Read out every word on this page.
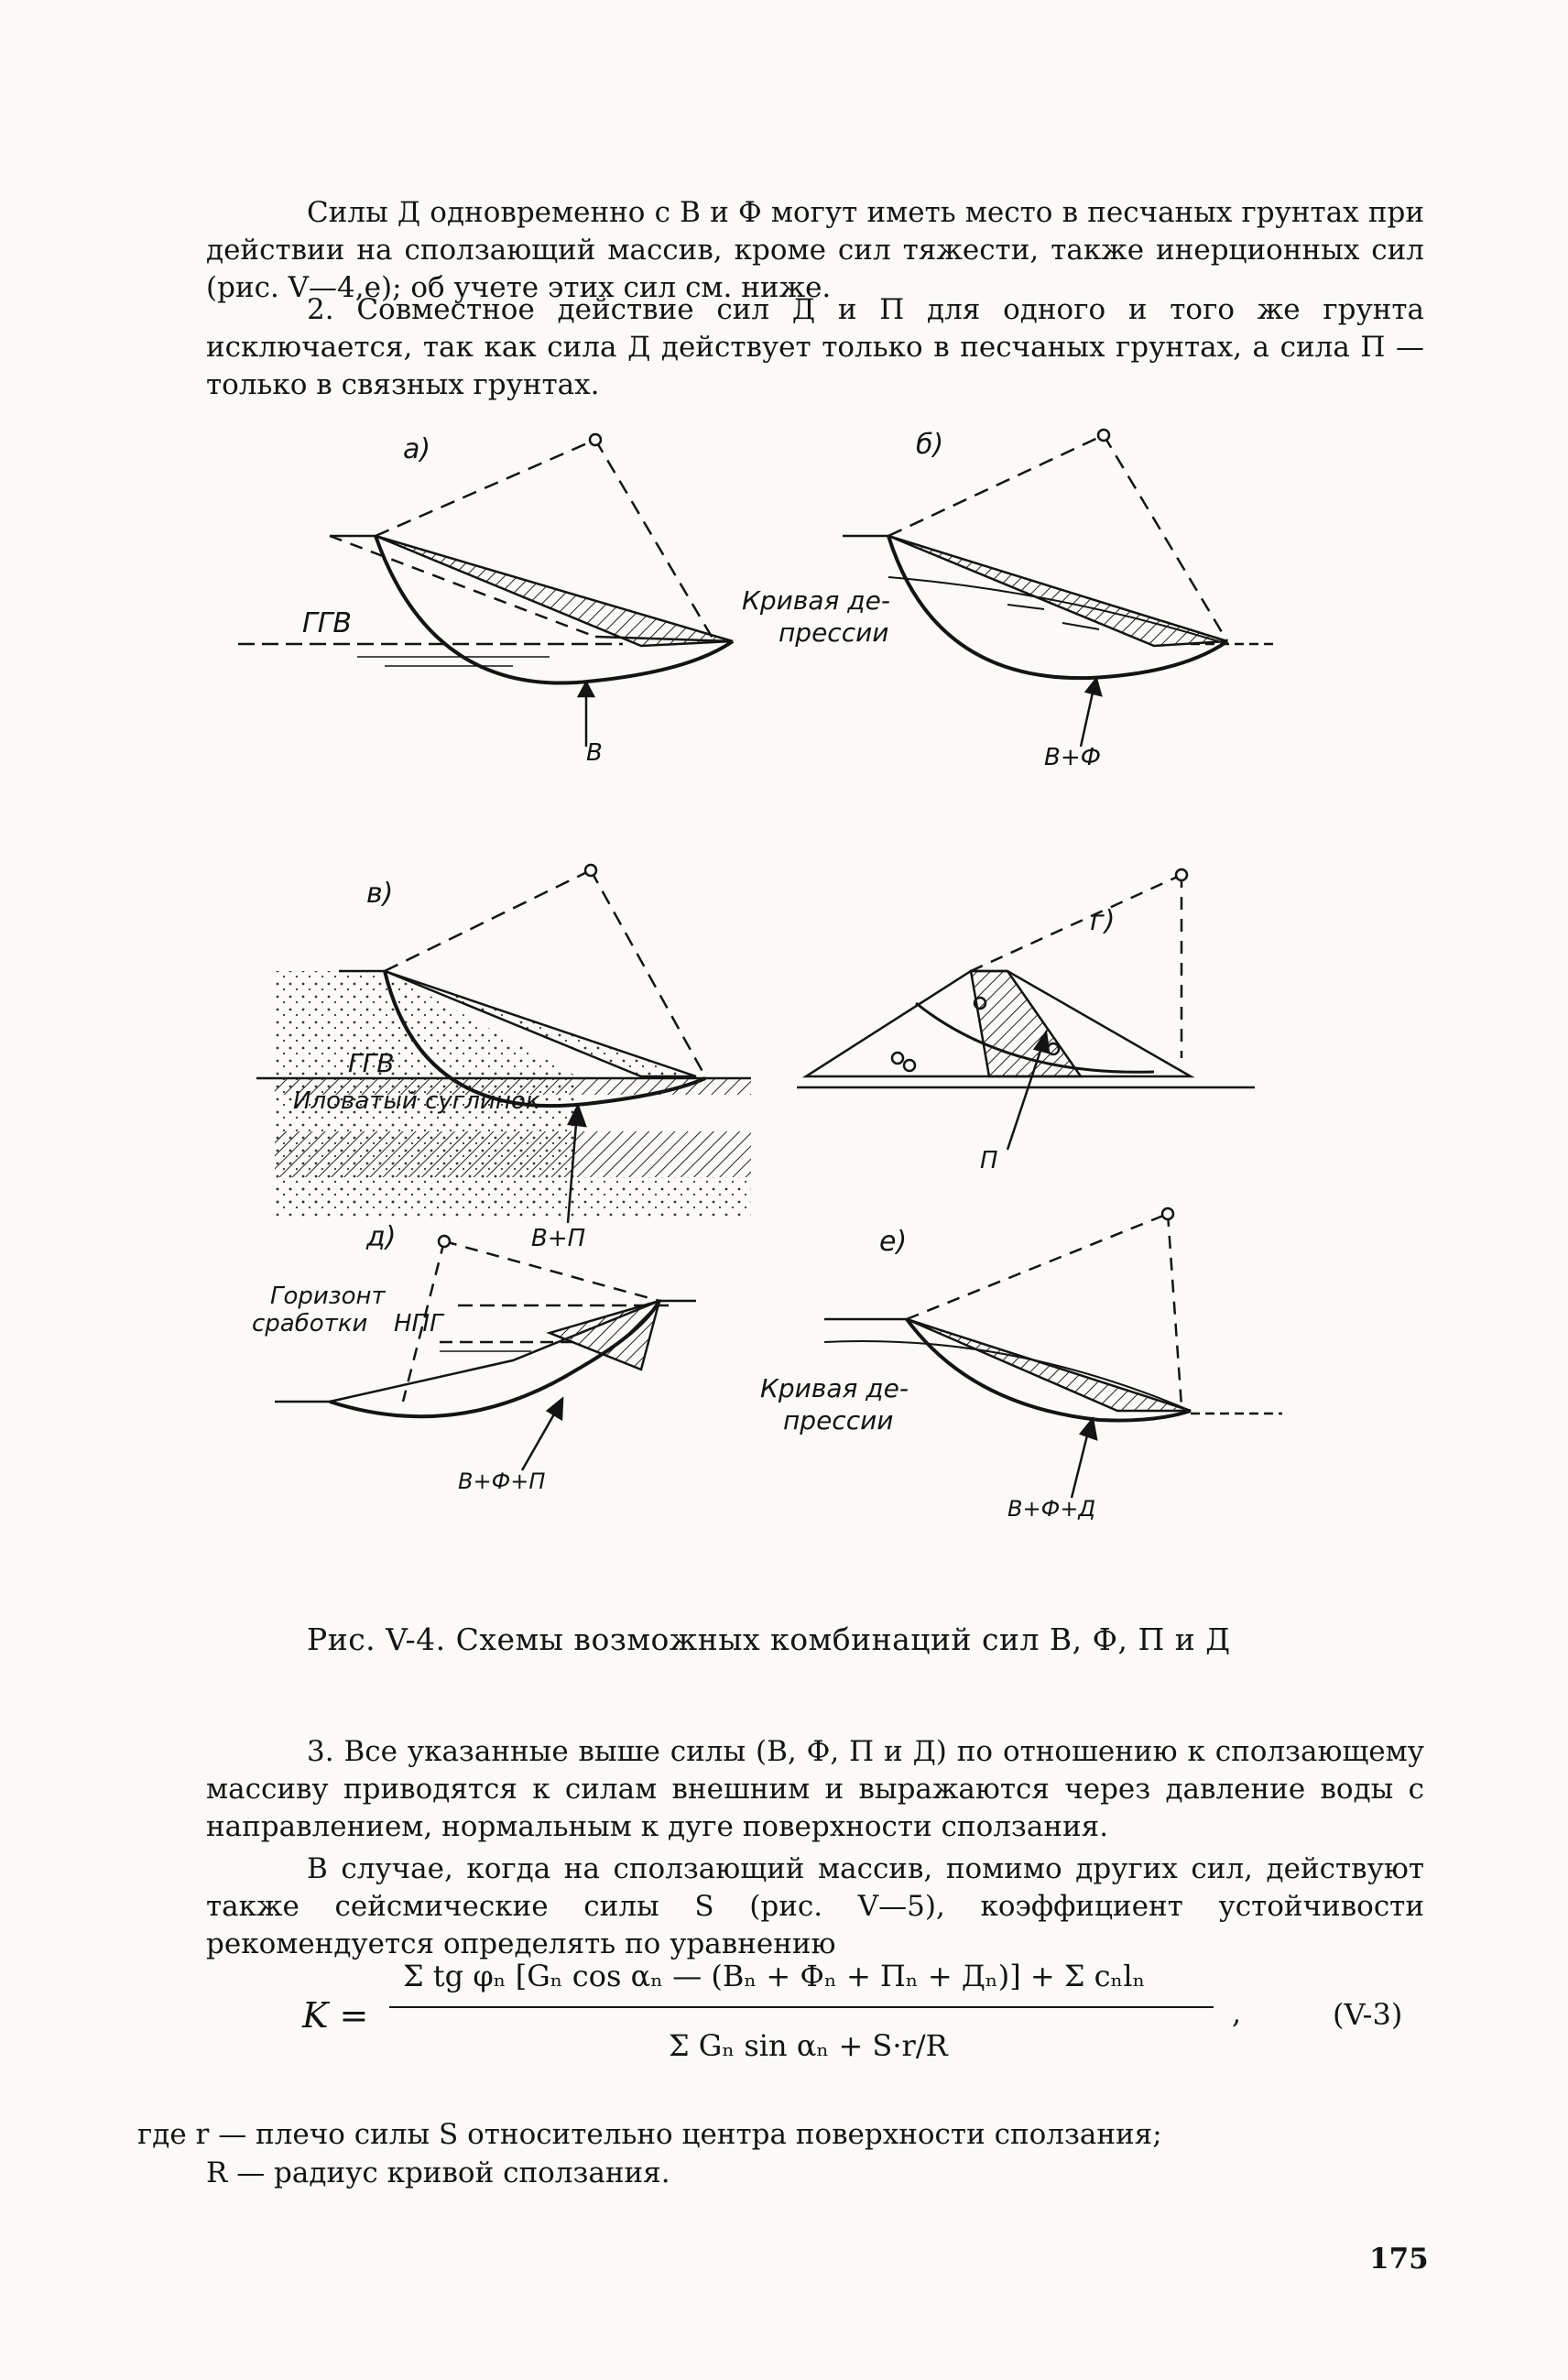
Силы Д одновременно с В и Ф могут иметь место в песчаных грунтах при действии на сползающий массив, кроме сил тяжести, также инерционных сил (рис. V—4,е); об учете этих сил см. ниже.
2. Совместное действие сил Д и П для одного и того же грунта исключается, так как сила Д действует только в песчаных грунтах, а сила П — только в связных грунтах.
а)
ГГВ
В
б)
Кривая де-
прессии
В+Ф
в)
ГГВ
Иловатый суглинок
В+П
г)
П
д)
Горизонт
сработки НПГ
В+Ф+П
е)
Кривая де-
прессии
В+Ф+Д
Рис. V-4. Схемы возможных комбинаций сил В, Ф, П и Д
3. Все указанные выше силы (В, Ф, П и Д) по отношению к сползающему массиву приводятся к силам внешним и выражаются через давление воды с направлением, нормальным к дуге поверхности сползания.
В случае, когда на сползающий массив, помимо других сил, действуют также сейсмические силы S (рис. V—5), коэффициент устойчивости рекомендуется определять по уравнению
K =
Σ tg φₙ [Gₙ cos αₙ — (Bₙ + Фₙ + Пₙ + Дₙ)] + Σ cₙlₙ
Σ Gₙ sin αₙ + S·r/R
,	(V-3)
где r — плечо силы S относительно центра поверхности сползания;
R — радиус кривой сползания.
175
